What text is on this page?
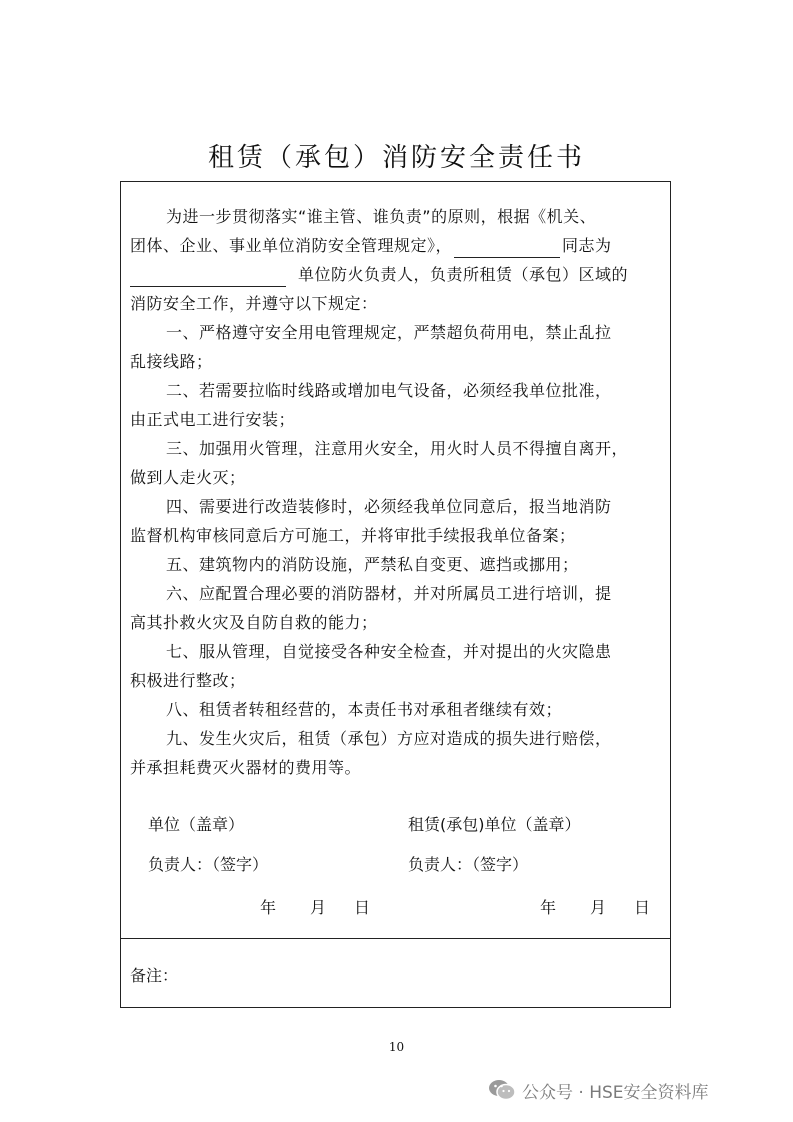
租赁（承包）消防安全责任书
为进一步贯彻落实“谁主管、谁负责”的原则，根据《机关、
团体、企业、事业单位消防安全管理规定》，	同志为
单位防火负责人，负责所租赁（承包）区域的
消防安全工作，并遵守以下规定：
一、严格遵守安全用电管理规定，严禁超负荷用电，禁止乱拉
乱接线路；
二、若需要拉临时线路或增加电气设备，必须经我单位批准，
由正式电工进行安装；
三、加强用火管理，注意用火安全，用火时人员不得擅自离开，
做到人走火灭；
四、需要进行改造装修时，必须经我单位同意后，报当地消防
监督机构审核同意后方可施工，并将审批手续报我单位备案；
五、建筑物内的消防设施，严禁私自变更、遮挡或挪用；
六、应配置合理必要的消防器材，并对所属员工进行培训，提
高其扑救火灾及自防自救的能力；
七、服从管理，自觉接受各种安全检查，并对提出的火灾隐患
积极进行整改；
八、租赁者转租经营的，本责任书对承租者继续有效；
九、发生火灾后，租赁（承包）方应对造成的损失进行赔偿，
并承担耗费灭火器材的费用等。
单位（盖章）	租赁(承包)单位（盖章）
负责人：（签字）	负责人：（签字）
年 月 日	年 月 日
备注：
10
公众号 · HSE安全资料库
